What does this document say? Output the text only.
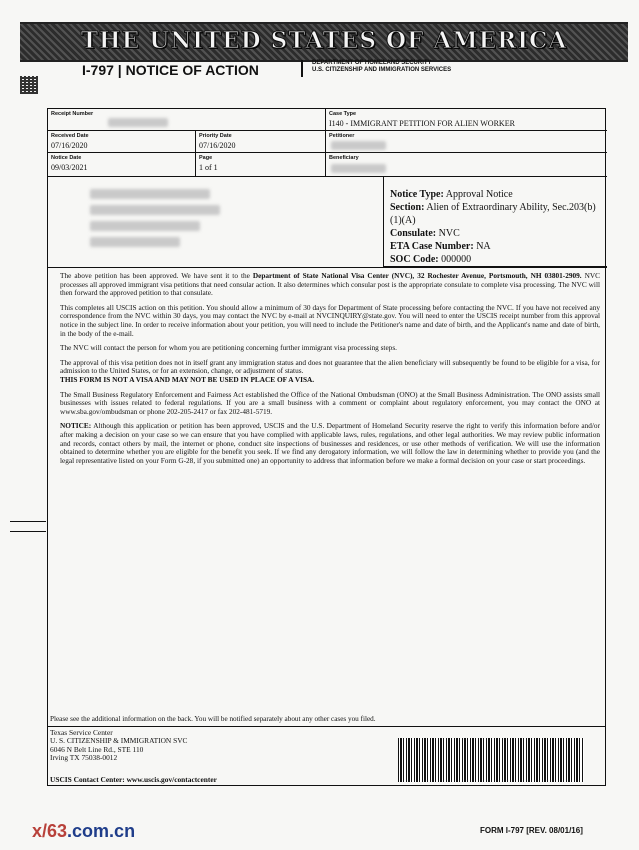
THE UNITED STATES OF AMERICA
I-797 | NOTICE OF ACTION	DEPARTMENT OF HOMELAND SECURITY
U.S. CITIZENSHIP AND IMMIGRATION SERVICES
Receipt Number	Case Type
I140 - IMMIGRANT PETITION FOR ALIEN WORKER
Received Date
07/16/2020
Priority Date
07/16/2020
Petitioner
Notice Date
09/03/2021
Page
1 of 1
Beneficiary
Notice Type: Approval Notice
Section: Alien of Extraordinary Ability, Sec.203(b)(1)(A)
Consulate: NVC
ETA Case Number: NA
SOC Code: 000000

The above petition has been approved. We have sent it to the Department of State National Visa Center (NVC), 32 Rochester Avenue, Portsmouth, NH 03801-2909. NVC processes all approved immigrant visa petitions that need consular action. It also determines which consular post is the appropriate consulate to complete visa processing. The NVC will then forward the approved petition to that consulate.

This completes all USCIS action on this petition. You should allow a minimum of 30 days for Department of State processing before contacting the NVC. If you have not received any correspondence from the NVC within 30 days, you may contact the NVC by e-mail at NVCINQUIRY@state.gov. You will need to enter the USCIS receipt number from this approval notice in the subject line. In order to receive information about your petition, you will need to include the Petitioner's name and date of birth, and the Applicant's name and date of birth, in the body of the e-mail.

The NVC will contact the person for whom you are petitioning concerning further immigrant visa processing steps.

The approval of this visa petition does not in itself grant any immigration status and does not guarantee that the alien beneficiary will subsequently be found to be eligible for a visa, for admission to the United States, or for an extension, change, or adjustment of status.
THIS FORM IS NOT A VISA AND MAY NOT BE USED IN PLACE OF A VISA.

The Small Business Regulatory Enforcement and Fairness Act established the Office of the National Ombudsman (ONO) at the Small Business Administration. The ONO assists small businesses with issues related to federal regulations. If you are a small business with a comment or complaint about regulatory enforcement, you may contact the ONO at www.sba.gov/ombudsman or phone 202-205-2417 or fax 202-481-5719.

NOTICE: Although this application or petition has been approved, USCIS and the U.S. Department of Homeland Security reserve the right to verify this information before and/or after making a decision on your case so we can ensure that you have complied with applicable laws, rules, regulations, and other legal authorities. We may review public information and records, contact others by mail, the internet or phone, conduct site inspections of businesses and residences, or use other methods of verification. We will use the information obtained to determine whether you are eligible for the benefit you seek. If we find any derogatory information, we will follow the law in determining whether to provide you (and the legal representative listed on your Form G-28, if you submitted one) an opportunity to address that information before we make a formal decision on your case or start proceedings.

Please see the additional information on the back. You will be notified separately about any other cases you filed.
Texas Service Center
U. S. CITIZENSHIP & IMMIGRATION SVC
6046 N Belt Line Rd., STE 110
Irving TX 75038-0012
USCIS Contact Center: www.uscis.gov/contactcenter
FORM I-797 [REV. 08/01/16]
x/63.com.cn
